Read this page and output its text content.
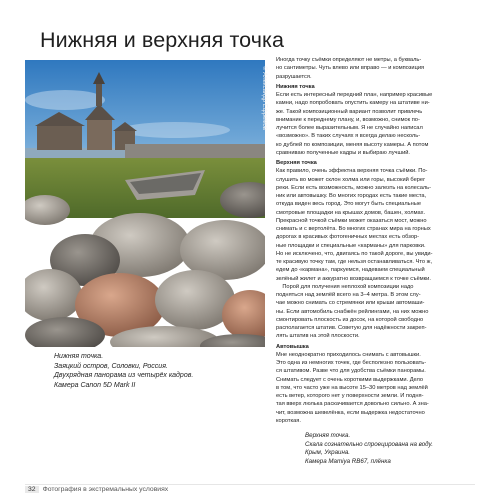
Нижняя и верхняя точка
© Александр Ефремов
Нижняя точка.
Заяцкий остров, Соловки, Россия.
Двухрядная панорама из четырёх кадров.
Камера Canon 5D Mark II
Иногда точку съёмки определяют не метры, а букваль-
но сантиметры. Чуть влево или вправо — и композиция
разрушается.
Нижняя точка
Если есть интересный передний план, например красивые
камни, надо попробовать опустить камеру на штативе ни-
же. Такой композиционный вариант позволит привлечь
внимание к переднему плану, и, возможно, снимок по-
лучится более выразительным. Я не случайно написал
«возможно». В таких случаях я всегда делаю несколь-
ко дублей по композиции, меняя высоту камеры. А потом
сравниваю полученные кадры и выбираю лучший.
Верхняя точка
Как правило, очень эффектна верхняя точка съёмки. По-
слушить во может склон холма или горы, высокий берег
реки. Если есть возможность, можно залезть на колесаль-
ник или автовышку. Во многих городах есть такие места,
откуда виден весь город. Это могут быть специальные
смотровые площадки на крышах домов, башен, холмах.
Прекрасной точкой съёмки может оказаться мост, можно
снимать и с вертолёта. Во многих странах мира на горных
дорогах в красивых фотогеничных местах есть обзор-
ные площадки и специальные «карманы» для парковки.
Но не исключено, что, двигаясь по такой дороге, вы увиди-
те красивую точку там, где нельзя останавливаться. Что ж,
едем до «кармана», паркуемся, надеваем специальный
зелёный жилет и аккуратно возвращаемся к точке съёмки.
Порой для получения неплохой композиции надо
подняться над землёй всего на 3–4 метра. В этом слу-
чае можно снимать со стремянки или крыши автомаши-
ны. Если автомобиль снабжён рейлингами, на них можно
смонтировать плоскость из досок, на которой свободно
располагается штатив. Советую для надёжности закреп-
лять штатив на этой плоскости.
Автовышка
Мне неоднократно приходилось снимать с автовышки.
Это одна из немногих точек, где бесполезно пользовать-
ся штативом. Разве что для удобства съёмки панорамы.
Снимать следует с очень короткими выдержками. Дело
в том, что часто уже на высоте 15–30 метров над землёй
есть ветер, которого нет у поверхности земли. И подня-
тая вверх люлька раскачивается довольно сильно. А зна-
чит, возможна шевелёнка, если выдержка недостаточно
короткая.
Верхняя точка.
Скала сознательно спроецирована на воду.
Крым, Украина.
Камера Mamiya RB67, плёнка
32 Фотография в экстремальных условиях
